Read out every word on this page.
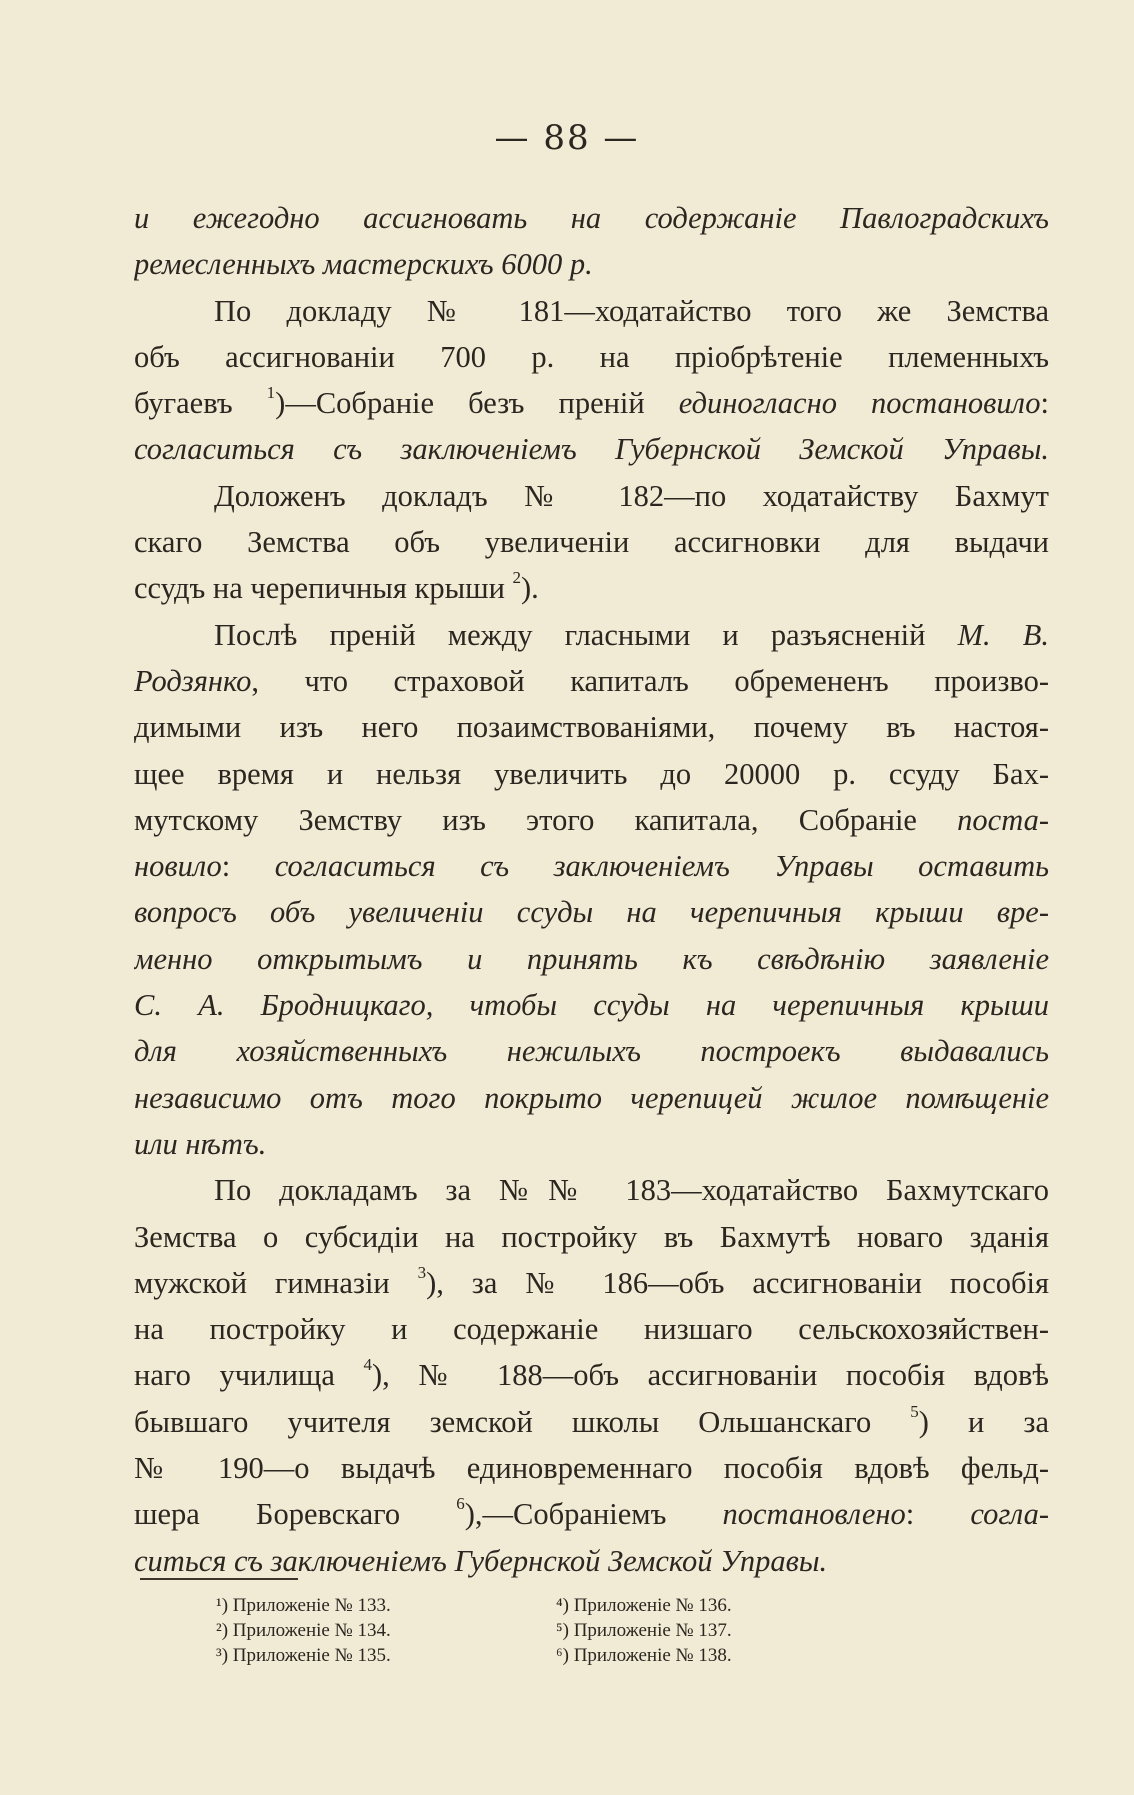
— 88 —
и ежегодно ассигновать на содержаніе Павлоградскихъ
ремесленныхъ мастерскихъ 6000 р.
По докладу № 181—ходатайство того же Земства
объ ассигнованіи 700 р. на пріобрѣтеніе племенныхъ
бугаевъ $^1$)—Собраніе безъ преній единогласно постановило:
согласиться съ заключеніемъ Губернской Земской Управы.
Доложенъ докладъ № 182—по ходатайству Бахмут
скаго Земства объ увеличеніи ассигновки для выдачи
ссудъ на черепичныя крыши $^2$).
Послѣ преній между гласными и разъясненій М. В.
Родзянко, что страховой капиталъ обремененъ произво-
димыми изъ него позаимствованіями, почему въ настоя-
щее время и нельзя увеличить до 20000 р. ссуду Бах-
мутскому Земству изъ этого капитала, Собраніе поста-
новило: согласиться съ заключеніемъ Управы оставить
вопросъ объ увеличеніи ссуды на черепичныя крыши вре-
менно открытымъ и принять къ свѣдѣнію заявленіе
С. А. Бродницкаго, чтобы ссуды на черепичныя крыши
для хозяйственныхъ нежилыхъ построекъ выдавались
независимо отъ того покрыто черепицей жилое помѣщеніе
или нѣтъ.
По докладамъ за №№ 183—ходатайство Бахмутскаго
Земства о субсидіи на постройку въ Бахмутѣ новаго зданія
мужской гимназіи $^3$), за № 186—объ ассигнованіи пособія
на постройку и содержаніе низшаго сельскохозяйствен-
наго училища $^4$), № 188—объ ассигнованіи пособія вдовѣ
бывшаго учителя земской школы Ольшанскаго $^5$) и за
№ 190—о выдачѣ единовременнаго пособія вдовѣ фельд-
шера Боревскаго $^6$),—Собраніемъ постановлено: согла-
ситься съ заключеніемъ Губернской Земской Управы.
¹) Приложеніе № 133.
²) Приложеніе № 134.
³) Приложеніе № 135.
⁴) Приложеніе № 136.
⁵) Приложеніе № 137.
⁶) Приложеніе № 138.
